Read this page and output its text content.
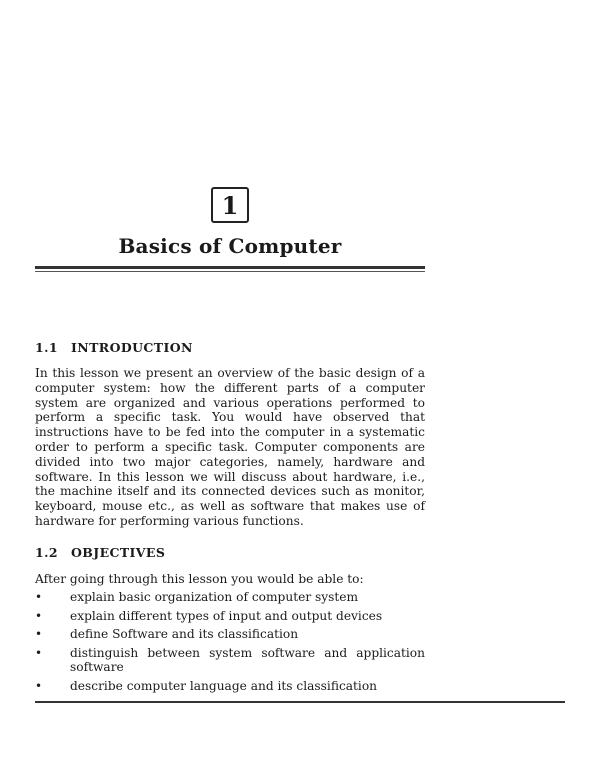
1
Basics of Computer
1.1 INTRODUCTION

In this lesson we present an overview of the basic design of a computer system: how the different parts of a computer system are organized and various operations performed to perform a specific task. You would have observed that instructions have to be fed into the computer in a systematic order to perform a specific task. Computer components are divided into two major categories, namely, hardware and software. In this lesson we will discuss about hardware, i.e., the machine itself and its connected devices such as monitor, keyboard, mouse etc., as well as software that makes use of hardware for performing various functions.

1.2 OBJECTIVES
After going through this lesson you would be able to:
•	explain basic organization of computer system
•	explain different types of input and output devices
•	define Software and its classification
•	distinguish between system software and application software
•	describe computer language and its classification
